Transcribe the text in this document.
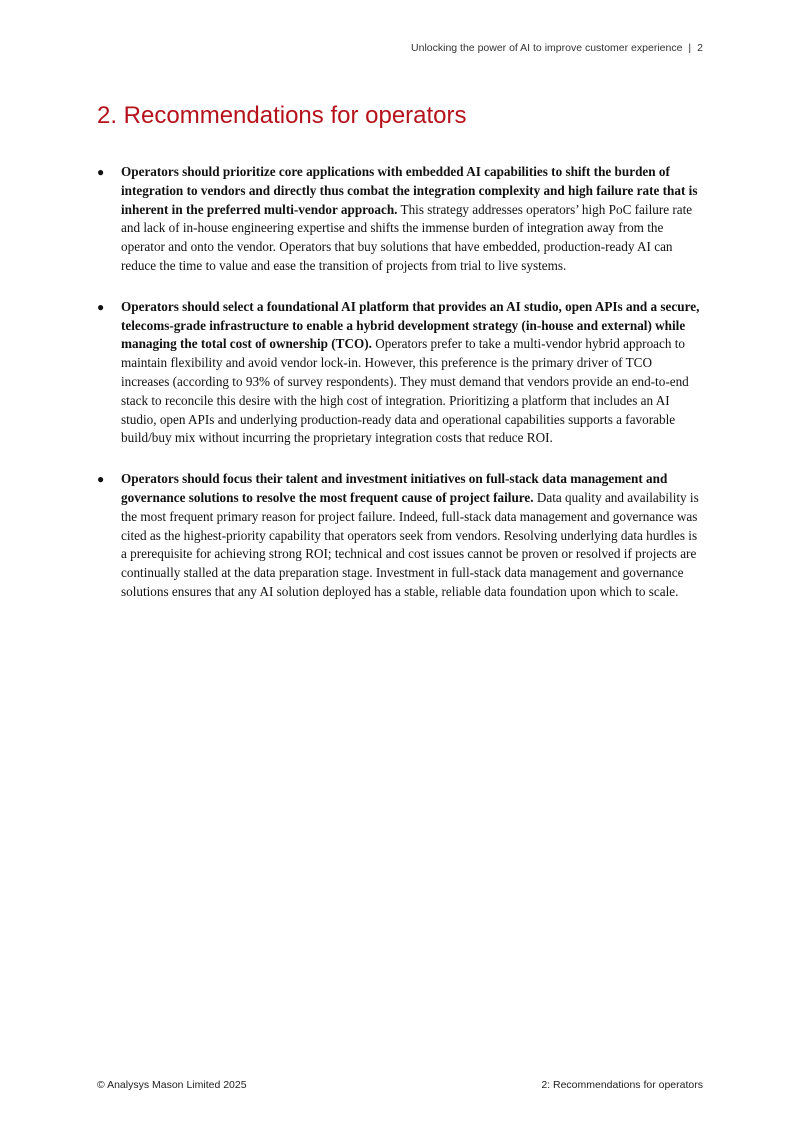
Unlocking the power of AI to improve customer experience | 2
2. Recommendations for operators
● Operators should prioritize core applications with embedded AI capabilities to shift the burden of integration to vendors and directly thus combat the integration complexity and high failure rate that is inherent in the preferred multi-vendor approach. This strategy addresses operators’ high PoC failure rate and lack of in-house engineering expertise and shifts the immense burden of integration away from the operator and onto the vendor. Operators that buy solutions that have embedded, production-ready AI can reduce the time to value and ease the transition of projects from trial to live systems.
● Operators should select a foundational AI platform that provides an AI studio, open APIs and a secure, telecoms-grade infrastructure to enable a hybrid development strategy (in-house and external) while managing the total cost of ownership (TCO). Operators prefer to take a multi-vendor hybrid approach to maintain flexibility and avoid vendor lock-in. However, this preference is the primary driver of TCO increases (according to 93% of survey respondents). They must demand that vendors provide an end-to-end stack to reconcile this desire with the high cost of integration. Prioritizing a platform that includes an AI studio, open APIs and underlying production-ready data and operational capabilities supports a favorable build/buy mix without incurring the proprietary integration costs that reduce ROI.
● Operators should focus their talent and investment initiatives on full-stack data management and governance solutions to resolve the most frequent cause of project failure. Data quality and availability is the most frequent primary reason for project failure. Indeed, full-stack data management and governance was cited as the highest-priority capability that operators seek from vendors. Resolving underlying data hurdles is a prerequisite for achieving strong ROI; technical and cost issues cannot be proven or resolved if projects are continually stalled at the data preparation stage. Investment in full-stack data management and governance solutions ensures that any AI solution deployed has a stable, reliable data foundation upon which to scale.
© Analysys Mason Limited 2025	2: Recommendations for operators
